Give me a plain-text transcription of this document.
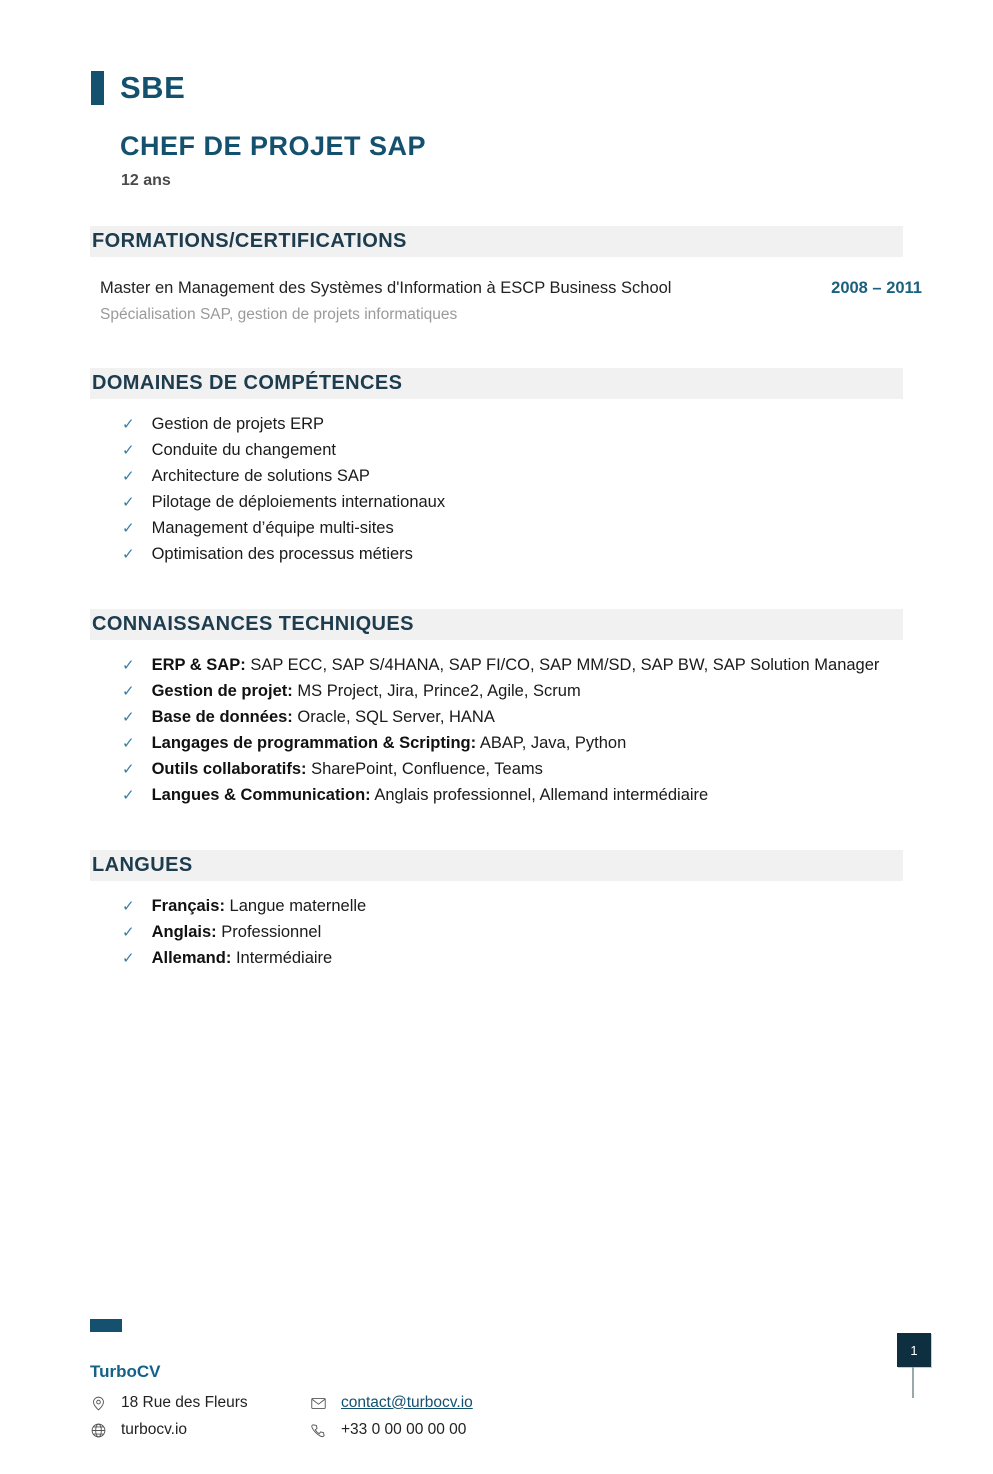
SBE
CHEF DE PROJET SAP
12 ans
FORMATIONS/CERTIFICATIONS
Master en Management des Systèmes d'Information à ESCP Business School	2008 – 2011
Spécialisation SAP, gestion de projets informatiques
DOMAINES DE COMPÉTENCES
✓ Gestion de projets ERP
✓ Conduite du changement
✓ Architecture de solutions SAP
✓ Pilotage de déploiements internationaux
✓ Management d’équipe multi-sites
✓ Optimisation des processus métiers
CONNAISSANCES TECHNIQUES
✓ ERP & SAP: SAP ECC, SAP S/4HANA, SAP FI/CO, SAP MM/SD, SAP BW, SAP Solution Manager
✓ Gestion de projet: MS Project, Jira, Prince2, Agile, Scrum
✓ Base de données: Oracle, SQL Server, HANA
✓ Langages de programmation & Scripting: ABAP, Java, Python
✓ Outils collaboratifs: SharePoint, Confluence, Teams
✓ Langues & Communication: Anglais professionnel, Allemand intermédiaire
LANGUES
✓ Français: Langue maternelle
✓ Anglais: Professionnel
✓ Allemand: Intermédiaire
TurboCV
18 Rue des Fleurs	contact@turbocv.io
turbocv.io	+33 0 00 00 00 00
1
